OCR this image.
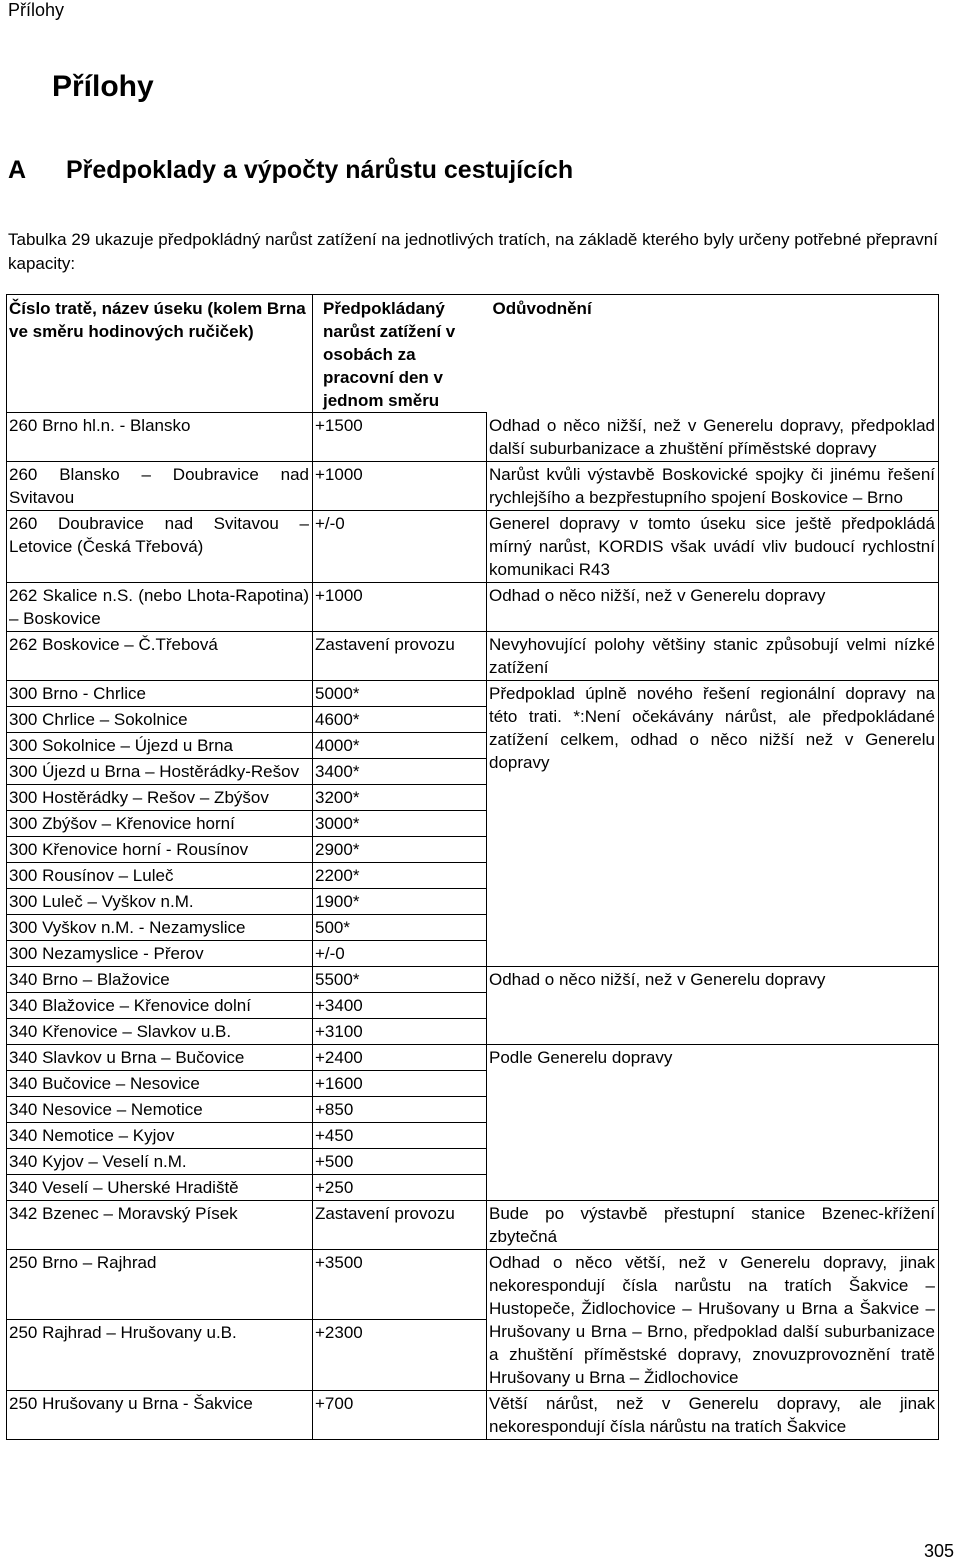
Přílohy
Přílohy
A Předpoklady a výpočty nárůstu cestujících

Tabulka 29 ukazuje předpokládný narůst zatížení na jednotlivých tratích, na základě kterého byly určeny potřebné přepravní kapacity:

Číslo tratě, název úseku (kolem Brna ve směru hodinových ručiček)	Předpokládaný narůst zatížení v osobách za pracovní den v jednom směru	Odůvodnění
260 Brno hl.n. - Blansko	+1500	Odhad o něco nižší, než v Generelu dopravy, předpoklad další suburbanizace a zhuštění příměstské dopravy
260 Blansko – Doubravice nad Svitavou	+1000	Narůst kvůli výstavbě Boskovické spojky či jinému řešení rychlejšího a bezpřestupního spojení Boskovice – Brno
260 Doubravice nad Svitavou – Letovice (Česká Třebová)	+/-0	Generel dopravy v tomto úseku sice ještě předpokládá mírný narůst, KORDIS však uvádí vliv budoucí rychlostní komunikaci R43
262 Skalice n.S. (nebo Lhota-Rapotina) – Boskovice	+1000	Odhad o něco nižší, než v Generelu dopravy
262 Boskovice – Č.Třebová	Zastavení provozu	Nevyhovující polohy většiny stanic způsobují velmi nízké zatížení
300 Brno - Chrlice	5000*	Předpoklad úplně nového řešení regionální dopravy na této trati. *:Není očekávány nárůst, ale předpokládané zatížení celkem, odhad o něco nižší než v Generelu dopravy
300 Chrlice – Sokolnice	4600*	
300 Sokolnice – Újezd u Brna	4000*	
300 Újezd u Brna – Hostěrádky-Rešov	3400*	
300 Hostěrádky – Rešov – Zbýšov	3200*	
300 Zbýšov – Křenovice horní	3000*	
300 Křenovice horní - Rousínov	2900*	
300 Rousínov – Luleč	2200*	
300 Luleč – Vyškov n.M.	1900*	
300 Vyškov n.M. - Nezamyslice	500*	
300 Nezamyslice - Přerov	+/-0	
340 Brno – Blažovice	5500*	Odhad o něco nižší, než v Generelu dopravy
340 Blažovice – Křenovice dolní	+3400	
340 Křenovice – Slavkov u.B.	+3100	
340 Slavkov u Brna – Bučovice	+2400	Podle Generelu dopravy
340 Bučovice – Nesovice	+1600	
340 Nesovice – Nemotice	+850	
340 Nemotice – Kyjov	+450	
340 Kyjov – Veselí n.M.	+500	
340 Veselí – Uherské Hradiště	+250	
342 Bzenec – Moravský Písek	Zastavení provozu	Bude po výstavbě přestupní stanice Bzenec-křížení zbytečná
250 Brno – Rajhrad	+3500	Odhad o něco větší, než v Generelu dopravy, jinak nekorespondují čísla narůstu na tratích Šakvice – Hustopeče, Židlochovice – Hrušovany u Brna a Šakvice – Hrušovany u Brna – Brno, předpoklad další suburbanizace a zhuštění příměstské dopravy, znovuzprovoznění tratě Hrušovany u Brna – Židlochovice
250 Rajhrad – Hrušovany u.B.	+2300	
250 Hrušovany u Brna - Šakvice	+700	Větší nárůst, než v Generelu dopravy, ale jinak nekorespondují čísla nárůstu na tratích Šakvice
305
